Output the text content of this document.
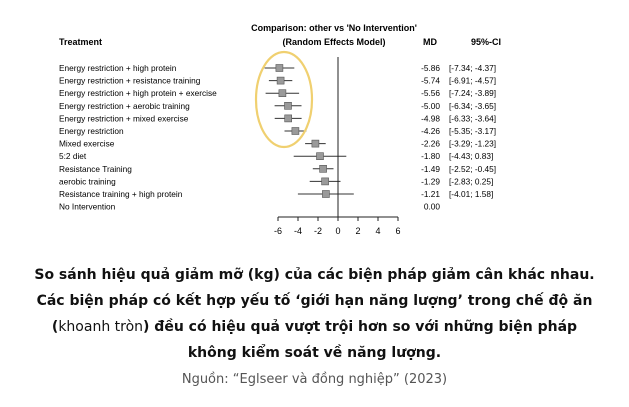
Comparison: other vs 'No Intervention'
(Random Effects Model)
Treatment	MD	95%-CI
Energy restriction + high protein	-5.86 [-7.34; -4.37]
Energy restriction + resistance training	-5.74 [-6.91; -4.57]
Energy restriction + high protein + exercise	-5.56 [-7.24; -3.89]
Energy restriction + aerobic training	-5.00 [-6.34; -3.65]
Energy restriction + mixed exercise	-4.98 [-6.33; -3.64]
Energy restriction	-4.26 [-5.35; -3.17]
Mixed exercise	-2.26 [-3.29; -1.23]
5:2 diet	-1.80 [-4.43; 0.83]
Resistance Training	-1.49 [-2.52; -0.45]
aerobic training	-1.29 [-2.83; 0.25]
Resistance training + high protein	-1.21 [-4.01; 1.58]
No Intervention	0.00
-6 -4 -2 0 2 4 6
So sánh hiệu quả giảm mỡ (kg) của các biện pháp giảm cân khác nhau.
Các biện pháp có kết hợp yếu tố ‘giới hạn năng lượng’ trong chế độ ăn
(khoanh tròn) đều có hiệu quả vượt trội hơn so với những biện pháp
không kiểm soát về năng lượng.
Nguồn: “Eglseer và đồng nghiệp” (2023)
